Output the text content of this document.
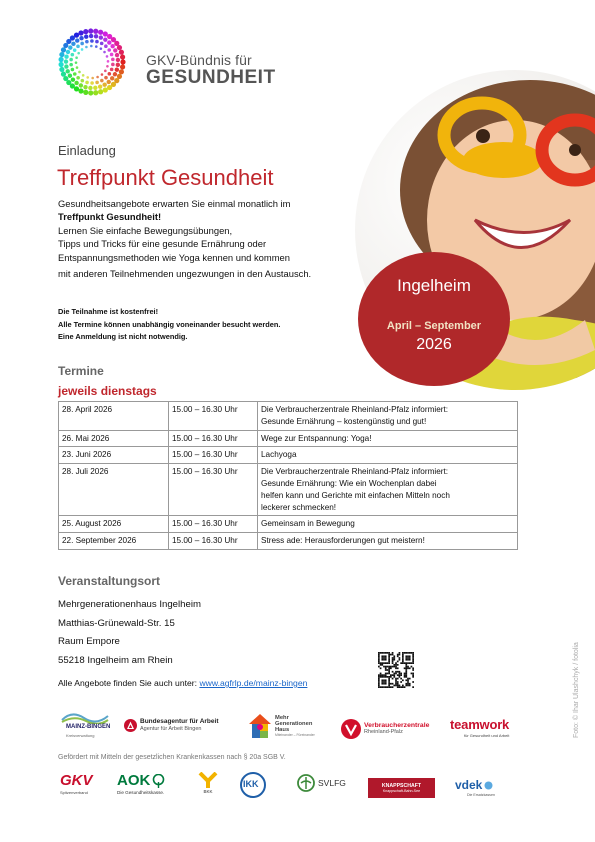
GKV-Bündnis für
GESUNDHEIT
Ingelheim
April – September
2026
Foto: © Ihar Ulashchyk / fotolia
Einladung
Treffpunkt Gesundheit
Gesundheitsangebote erwarten Sie einmal monatlich im
Treffpunkt Gesundheit!
Lernen Sie einfache Bewegungsübungen,
Tipps und Tricks für eine gesunde Ernährung oder
Entspannungsmethoden wie Yoga kennen und kommen
mit anderen Teilnehmenden ungezwungen in den Austausch.
Die Teilnahme ist kostenfrei!
Alle Termine können unabhängig voneinander besucht werden.
Eine Anmeldung ist nicht notwendig.
Termine
jeweils dienstags
28. April 2026	15.00 – 16.30 Uhr	Die Verbraucherzentrale Rheinland-Pfalz informiert:
Gesunde Ernährung – kostengünstig und gut!

26. Mai 2026	15.00 – 16.30 Uhr	Wege zur Entspannung: Yoga!

23. Juni 2026	15.00 – 16.30 Uhr	Lachyoga

28. Juli 2026	15.00 – 16.30 Uhr	Die Verbraucherzentrale Rheinland-Pfalz informiert:
Gesunde Ernährung: Wie ein Wochenplan dabei
helfen kann und Gerichte mit einfachen Mitteln noch
leckerer schmecken!

25. August 2026	15.00 – 16.30 Uhr	Gemeinsam in Bewegung

22. September 2026	15.00 – 16.30 Uhr	Stress ade: Herausforderungen gut meistern!
Veranstaltungsort
Mehrgenerationenhaus Ingelheim
Matthias-Grünewald-Str. 15
Raum Empore
55218 Ingelheim am Rhein
Alle Angebote finden Sie auch unter: www.agfrlp.de/mainz-bingen
MAINZ-BINGEN
Kreisverwaltung
Bundesagentur für Arbeit
Agentur für Arbeit Bingen
Mehr
Generationen
Haus
Miteinander – Füreinander
Verbraucherzentrale
Rheinland-Pfalz	teamwork
für Gesundheit und Arbeit
Gefördert mit Mitteln der gesetzlichen Krankenkassen nach § 20a SGB V.
GKV
Spitzenverband
AOK
Die Gesundheitskasse.	BKK
IKK	SVLFG	KNAPPSCHAFT
Knappschaft-Bahn-See	vdek
Die Ersatzkassen
